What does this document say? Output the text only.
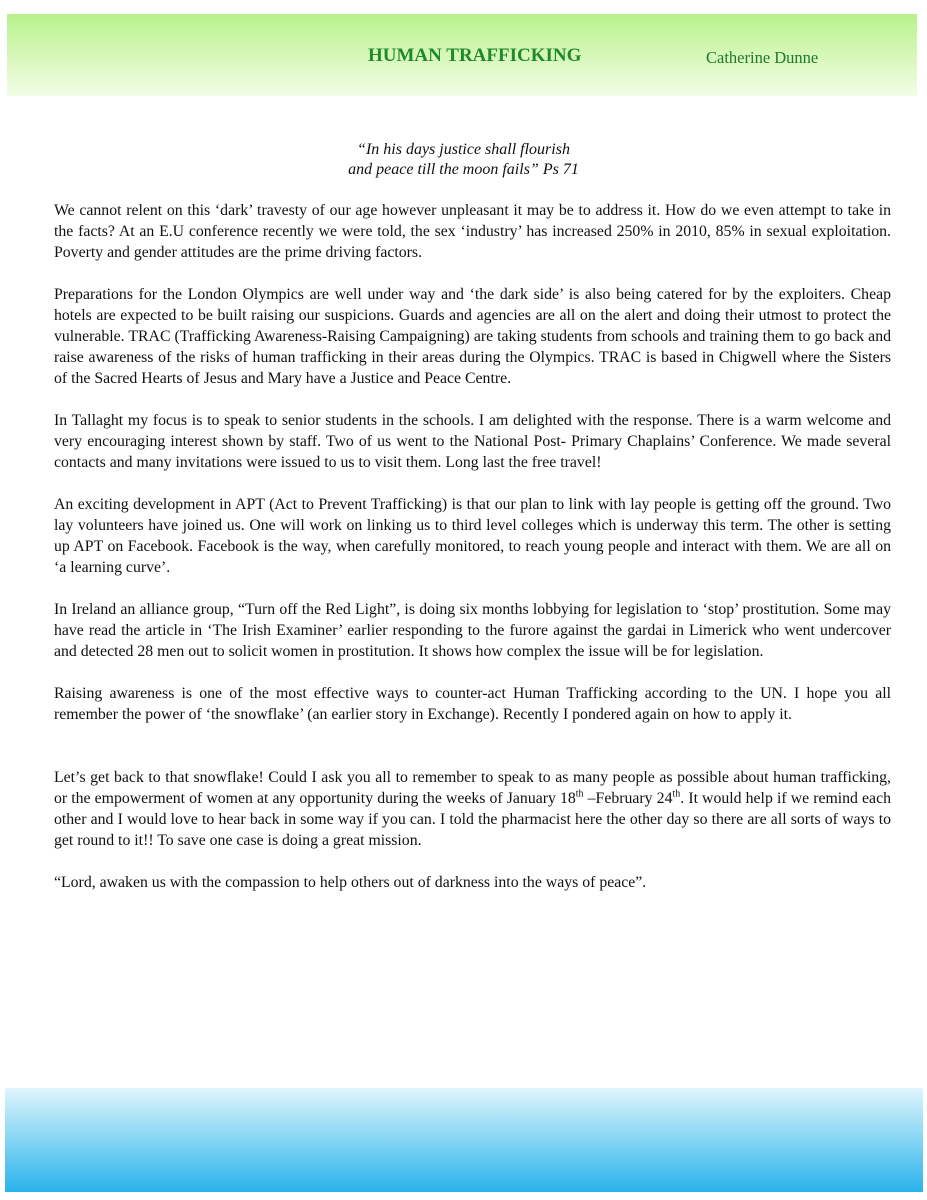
HUMAN TRAFFICKING	Catherine Dunne
“In his days justice shall flourish
and peace till the moon fails” Ps 71

We cannot relent on this ‘dark’ travesty of our age however unpleasant it may be to address it. How do we even attempt to take in the facts? At an E.U conference recently we were told, the sex ‘industry’ has increased 250% in 2010, 85% in sexual exploitation. Poverty and gender attitudes are the prime driving factors.

Preparations for the London Olympics are well under way and ‘the dark side’ is also being catered for by the exploiters. Cheap hotels are expected to be built raising our suspicions. Guards and agencies are all on the alert and doing their utmost to protect the vulnerable. TRAC (Trafficking Awareness-Raising Campaigning) are taking students from schools and training them to go back and raise awareness of the risks of human trafficking in their areas during the Olympics. TRAC is based in Chigwell where the Sisters of the Sacred Hearts of Jesus and Mary have a Justice and Peace Centre.

In Tallaght my focus is to speak to senior students in the schools. I am delighted with the response. There is a warm welcome and very encouraging interest shown by staff. Two of us went to the National Post- Primary Chaplains’ Conference. We made several contacts and many invitations were issued to us to visit them. Long last the free travel!

An exciting development in APT (Act to Prevent Trafficking) is that our plan to link with lay people is getting off the ground. Two lay volunteers have joined us. One will work on linking us to third level colleges which is underway this term. The other is setting up APT on Facebook. Facebook is the way, when carefully monitored, to reach young people and interact with them. We are all on ‘a learning curve’.

In Ireland an alliance group, “Turn off the Red Light”, is doing six months lobbying for legislation to ‘stop’ prostitution. Some may have read the article in ‘The Irish Examiner’ earlier responding to the furore against the gardai in Limerick who went undercover and detected 28 men out to solicit women in prostitution. It shows how complex the issue will be for legislation.

Raising awareness is one of the most effective ways to counter-act Human Trafficking according to the UN. I hope you all remember the power of ‘the snowflake’ (an earlier story in Exchange). Recently I pondered again on how to apply it.

Let’s get back to that snowflake! Could I ask you all to remember to speak to as many people as possible about human trafficking, or the empowerment of women at any opportunity during the weeks of January 18th –February 24th. It would help if we remind each other and I would love to hear back in some way if you can. I told the pharmacist here the other day so there are all sorts of ways to get round to it!! To save one case is doing a great mission.

“Lord, awaken us with the compassion to help others out of darkness into the ways of peace”.
